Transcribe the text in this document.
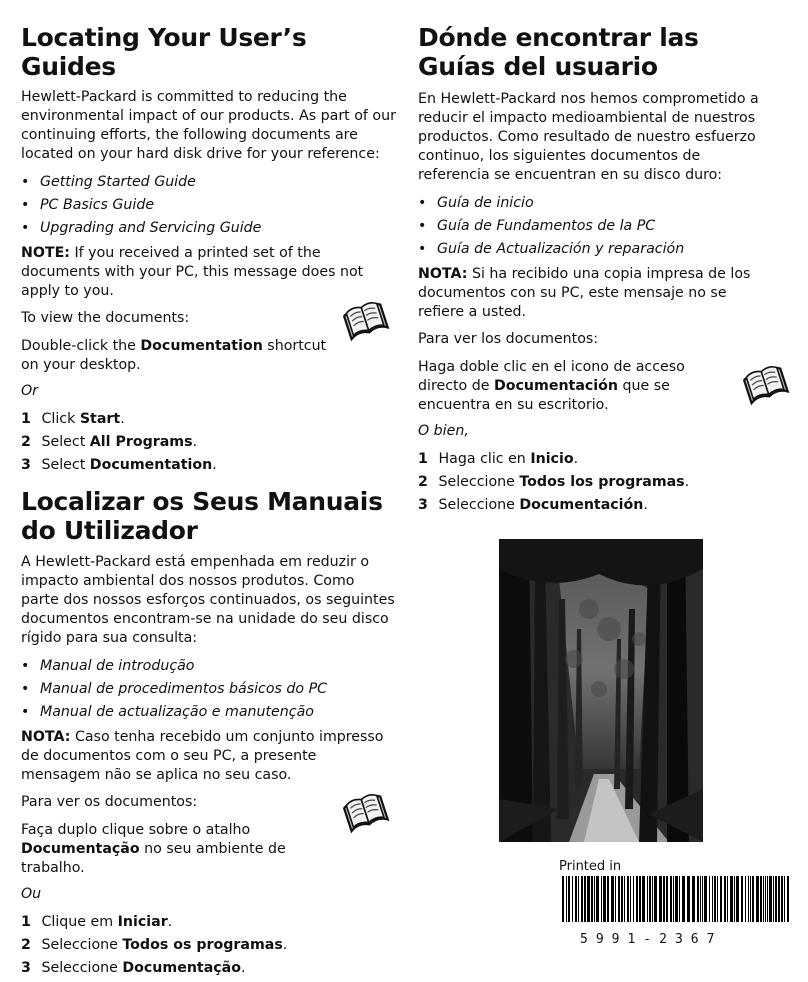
Locating Your User’s Guides

Hewlett-Packard is committed to reducing the environmental impact of our products. As part of our continuing efforts, the following documents are located on your hard disk drive for your reference:

• Getting Started Guide
• PC Basics Guide
• Upgrading and Servicing Guide

NOTE: If you received a printed set of the documents with your PC, this message does not apply to you.

To view the documents:

Double-click the Documentation shortcut on your desktop.

Or

1 Click Start.
2 Select All Programs.
3 Select Documentation.
Localizar os Seus Manuais do Utilizador

A Hewlett-Packard está empenhada em reduzir o impacto ambiental dos nossos produtos. Como parte dos nossos esforços continuados, os seguintes documentos encontram-se na unidade do seu disco rígido para sua consulta:

• Manual de introdução
• Manual de procedimentos básicos do PC
• Manual de actualização e manutenção

NOTA: Caso tenha recebido um conjunto impresso de documentos com o seu PC, a presente mensagem não se aplica no seu caso.

Para ver os documentos:

Faça duplo clique sobre o atalho Documentação no seu ambiente de trabalho.

Ou

1 Clique em Iniciar.
2 Seleccione Todos os programas.
3 Seleccione Documentação.
Dónde encontrar las Guías del usuario

En Hewlett-Packard nos hemos comprometido a reducir el impacto medioambiental de nuestros productos. Como resultado de nuestro esfuerzo continuo, los siguientes documentos de referencia se encuentran en su disco duro:

• Guía de inicio
• Guía de Fundamentos de la PC
• Guía de Actualización y reparación

NOTA: Si ha recibido una copia impresa de los documentos con su PC, este mensaje no se refiere a usted.

Para ver los documentos:

Haga doble clic en el icono de acceso directo de Documentación que se encuentra en su escritorio.

O bien,

1 Haga clic en Inicio.
2 Seleccione Todos los programas.
3 Seleccione Documentación.
Printed in
5991-2367
